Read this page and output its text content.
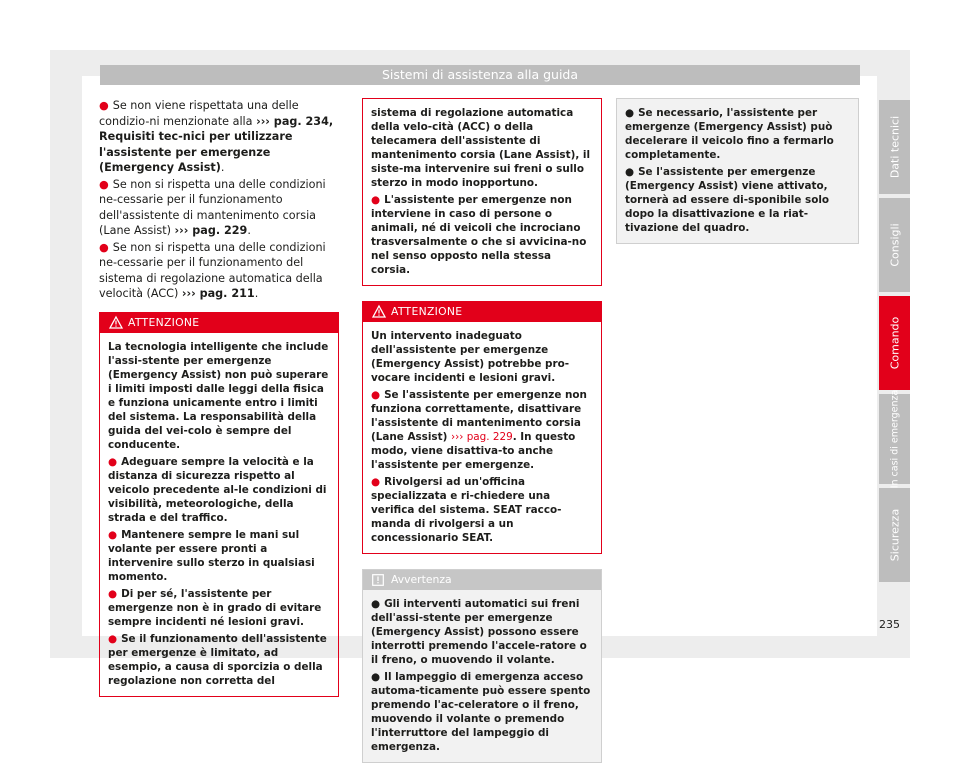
Sistemi di assistenza alla guida

● Se non viene rispettata una delle condizio-ni menzionate alla ››› pag. 234, Requisiti tec-nici per utilizzare l'assistente per emergenze (Emergency Assist).

● Se non si rispetta una delle condizioni ne-cessarie per il funzionamento dell'assistente di mantenimento corsia (Lane Assist) ››› pag. 229.

● Se non si rispetta una delle condizioni ne-cessarie per il funzionamento del sistema di regolazione automatica della velocità (ACC) ››› pag. 211.

ATTENZIONE

La tecnologia intelligente che include l'assi-stente per emergenze (Emergency Assist) non può superare i limiti imposti dalle leggi della fisica e funziona unicamente entro i limiti del sistema. La responsabilità della guida del vei-colo è sempre del conducente.

● Adeguare sempre la velocità e la distanza di sicurezza rispetto al veicolo precedente al-le condizioni di visibilità, meteorologiche, della strada e del traffico.

● Mantenere sempre le mani sul volante per essere pronti a intervenire sullo sterzo in qualsiasi momento.

● Di per sé, l'assistente per emergenze non è in grado di evitare sempre incidenti né lesioni gravi.

● Se il funzionamento dell'assistente per emergenze è limitato, ad esempio, a causa di sporcizia o della regolazione non corretta del

sistema di regolazione automatica della velo-cità (ACC) o della telecamera dell'assistente di mantenimento corsia (Lane Assist), il siste-ma intervenire sui freni o sullo sterzo in modo inopportuno.

● L'assistente per emergenze non interviene in caso di persone o animali, né di veicoli che incrociano trasversalmente o che si avvicina-no nel senso opposto nella stessa corsia.

ATTENZIONE

Un intervento inadeguato dell'assistente per emergenze (Emergency Assist) potrebbe pro-vocare incidenti e lesioni gravi.

● Se l'assistente per emergenze non funziona correttamente, disattivare l'assistente di mantenimento corsia (Lane Assist) ››› pag. 229. In questo modo, viene disattiva-to anche l'assistente per emergenze.

● Rivolgersi ad un'officina specializzata e ri-chiedere una verifica del sistema. SEAT racco-manda di rivolgersi a un concessionario SEAT.

Avvertenza

● Gli interventi automatici sui freni dell'assi-stente per emergenze (Emergency Assist) possono essere interrotti premendo l'accele-ratore o il freno, o muovendo il volante.

● Il lampeggio di emergenza acceso automa-ticamente può essere spento premendo l'ac-celeratore o il freno, muovendo il volante o premendo l'interruttore del lampeggio di emergenza.

● Se necessario, l'assistente per emergenze (Emergency Assist) può decelerare il veicolo fino a fermarlo completamente.

● Se l'assistente per emergenze (Emergency Assist) viene attivato, tornerà ad essere di-sponibile solo dopo la disattivazione e la riat-tivazione del quadro.

Dati tecnici
Consigli
Comando
In casi di emergenza
Sicurezza
235
